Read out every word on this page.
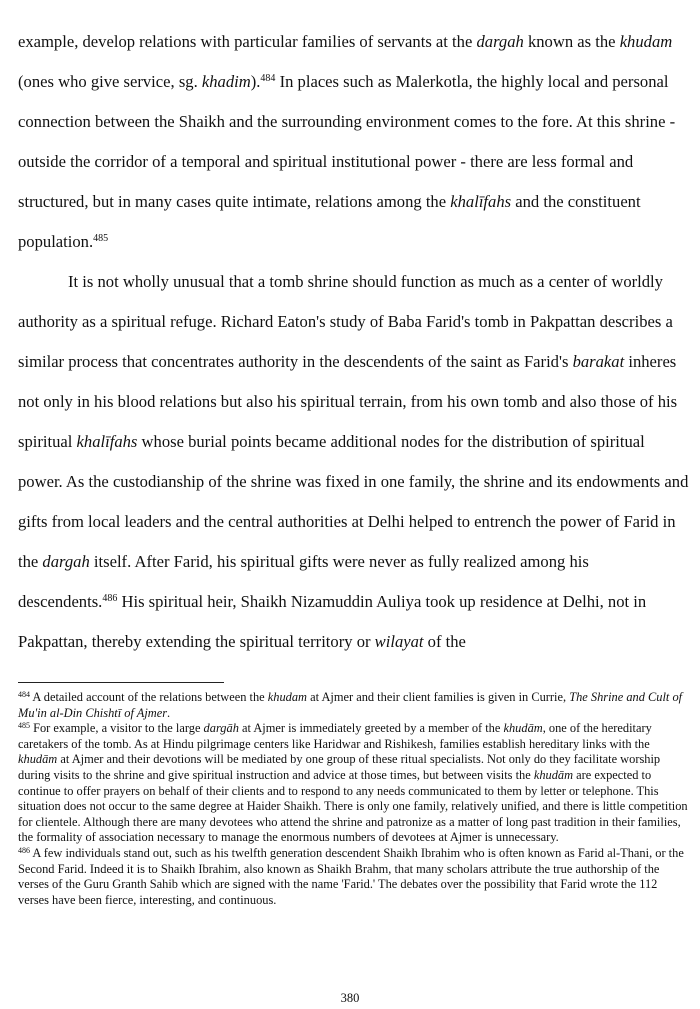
example, develop relations with particular families of servants at the dargah known as the khudam (ones who give service, sg. khadim).$^{484}$ In places such as Malerkotla, the highly local and personal connection between the Shaikh and the surrounding environment comes to the fore. At this shrine - outside the corridor of a temporal and spiritual institutional power - there are less formal and structured, but in many cases quite intimate, relations among the khalīfahs and the constituent population.$^{485}$

It is not wholly unusual that a tomb shrine should function as much as a center of worldly authority as a spiritual refuge. Richard Eaton's study of Baba Farid's tomb in Pakpattan describes a similar process that concentrates authority in the descendents of the saint as Farid's barakat inheres not only in his blood relations but also his spiritual terrain, from his own tomb and also those of his spiritual khalīfahs whose burial points became additional nodes for the distribution of spiritual power. As the custodianship of the shrine was fixed in one family, the shrine and its endowments and gifts from local leaders and the central authorities at Delhi helped to entrench the power of Farid in the dargah itself. After Farid, his spiritual gifts were never as fully realized among his descendents.$^{486}$ His spiritual heir, Shaikh Nizamuddin Auliya took up residence at Delhi, not in Pakpattan, thereby extending the spiritual territory or wilayat of the

$^{484}$ A detailed account of the relations between the khudam at Ajmer and their client families is given in Currie, The Shrine and Cult of Mu'in al-Din Chishtī of Ajmer.

$^{485}$ For example, a visitor to the large dargāh at Ajmer is immediately greeted by a member of the khudām, one of the hereditary caretakers of the tomb. As at Hindu pilgrimage centers like Haridwar and Rishikesh, families establish hereditary links with the khudām at Ajmer and their devotions will be mediated by one group of these ritual specialists. Not only do they facilitate worship during visits to the shrine and give spiritual instruction and advice at those times, but between visits the khudām are expected to continue to offer prayers on behalf of their clients and to respond to any needs communicated to them by letter or telephone. This situation does not occur to the same degree at Haider Shaikh. There is only one family, relatively unified, and there is little competition for clientele. Although there are many devotees who attend the shrine and patronize as a matter of long past tradition in their families, the formality of association necessary to manage the enormous numbers of devotees at Ajmer is unnecessary.

$^{486}$ A few individuals stand out, such as his twelfth generation descendent Shaikh Ibrahim who is often known as Farid al-Thani, or the Second Farid. Indeed it is to Shaikh Ibrahim, also known as Shaikh Brahm, that many scholars attribute the true authorship of the verses of the Guru Granth Sahib which are signed with the name 'Farid.' The debates over the possibility that Farid wrote the 112 verses have been fierce, interesting, and continuous.

380
